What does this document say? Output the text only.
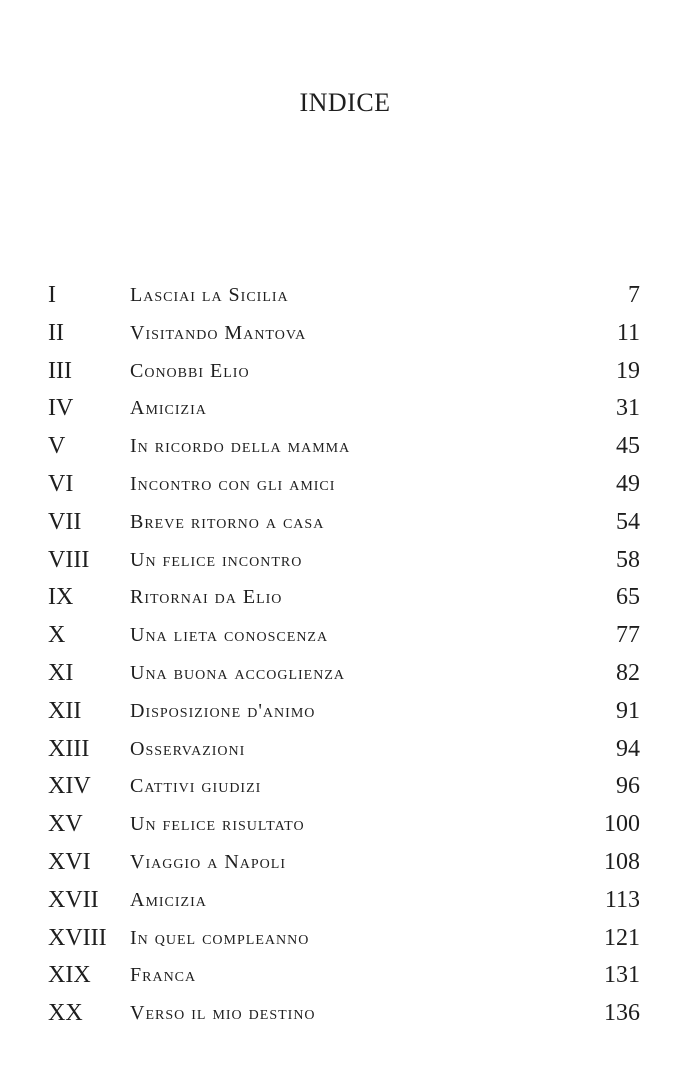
INDICE
I	Lasciai la Sicilia	7
II	Visitando Mantova	11
III	Conobbi Elio	19
IV	Amicizia	31
V	In ricordo della mamma	45
VI	Incontro con gli amici	49
VII Breve ritorno a casa	54
VIII Un felice incontro	58
IX	Ritornai da Elio	65
X	Una lieta conoscenza	77
XI	Una buona accoglienza	82
XII Disposizione d'animo	91
XIII Osservazioni	94
XIV Cattivi giudizi	96
XV Un felice risultato	100
XVI Viaggio a Napoli	108
XVII Amicizia	113
XVIII In quel compleanno	121
XIX Franca	131
XX Verso il mio destino	136
